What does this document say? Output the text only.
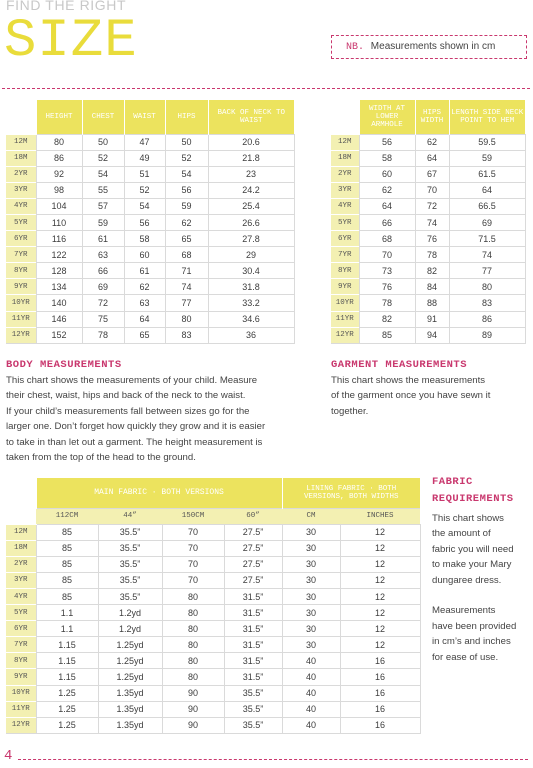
FIND THE RIGHT
SIZE	NB. Measurements shown in cm
	HEIGHT	CHEST	WAIST	HIPS	BACK OF NECK TO WAIST
12M	80	50	47	50	20.6
18M	86	52	49	52	21.8
2YR	92	54	51	54	23
3YR	98	55	52	56	24.2
4YR	104	57	54	59	25.4
5YR	110	59	56	62	26.6
6YR	116	61	58	65	27.8
7YR	122	63	60	68	29
8YR	128	66	61	71	30.4
9YR	134	69	62	74	31.8
10YR	140	72	63	77	33.2
11YR	146	75	64	80	34.6
12YR	152	78	65	83	36
	WIDTH AT LOWER ARMHOLE	HIPS WIDTH	LENGTH SIDE NECK POINT TO HEM
12M	56	62	59.5
18M	58	64	59
2YR	60	67	61.5
3YR	62	70	64
4YR	64	72	66.5
5YR	66	74	69
6YR	68	76	71.5
7YR	70	78	74
8YR	73	82	77
9YR	76	84	80
10YR	78	88	83
11YR	82	91	86
12YR	85	94	89
BODY MEASUREMENTS
This chart shows the measurements of your child. Measure
their chest, waist, hips and back of the neck to the waist.
If your child’s measurements fall between sizes go for the
larger one. Don’t forget how quickly they grow and it is easier
to take in than let out a garment. The height measurement is
taken from the top of the head to the ground.
GARMENT MEASUREMENTS
This chart shows the measurements
of the garment once you have sewn it
together.
	MAIN FABRIC · BOTH VERSIONS				LINING FABRIC · BOTH VERSIONS, BOTH WIDTHS	
	112CM	44”	150CM	60”	CM	INCHES
12M	85	35.5”	70	27.5”	30	12
18M	85	35.5”	70	27.5”	30	12
2YR	85	35.5”	70	27.5”	30	12
3YR	85	35.5”	70	27.5”	30	12
4YR	85	35.5”	80	31.5”	30	12
5YR	1.1	1.2yd	80	31.5”	30	12
6YR	1.1	1.2yd	80	31.5”	30	12
7YR	1.15	1.25yd	80	31.5”	30	12
8YR	1.15	1.25yd	80	31.5”	40	16
9YR	1.15	1.25yd	80	31.5”	40	16
10YR	1.25	1.35yd	90	35.5”	40	16
11YR	1.25	1.35yd	90	35.5”	40	16
12YR	1.25	1.35yd	90	35.5”	40	16
FABRIC
REQUIREMENTS
This chart shows
the amount of
fabric you will need
to make your Mary
dungaree dress.

Measurements
have been provided
in cm’s and inches
for ease of use.
4
